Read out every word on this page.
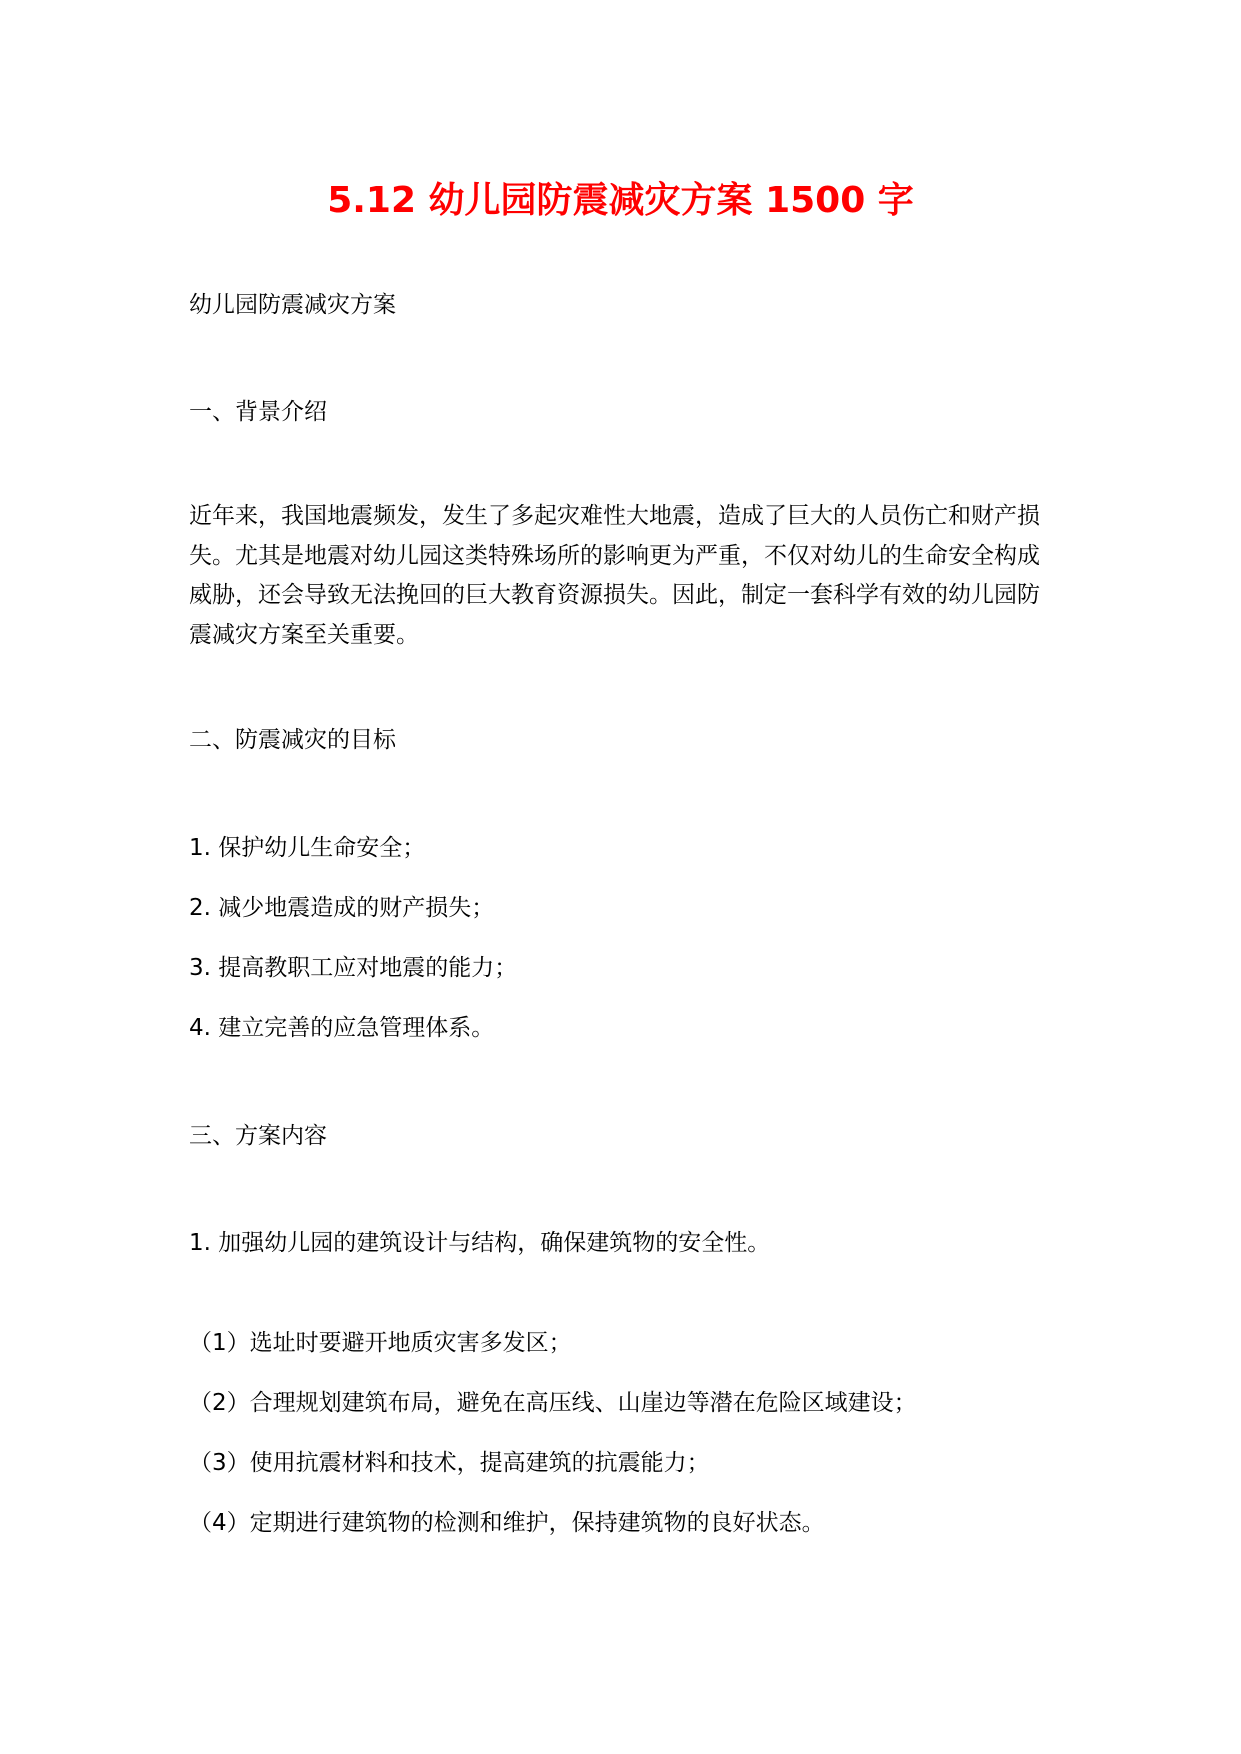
5.12 幼儿园防震减灾方案 1500 字

幼儿园防震减灾方案

一、背景介绍

近年来，我国地震频发，发生了多起灾难性大地震，造成了巨大的人员伤亡和财产损
失。尤其是地震对幼儿园这类特殊场所的影响更为严重，不仅对幼儿的生命安全构成
威胁，还会导致无法挽回的巨大教育资源损失。因此，制定一套科学有效的幼儿园防
震减灾方案至关重要。

二、防震减灾的目标

1. 保护幼儿生命安全；

2. 减少地震造成的财产损失；

3. 提高教职工应对地震的能力；

4. 建立完善的应急管理体系。

三、方案内容

1. 加强幼儿园的建筑设计与结构，确保建筑物的安全性。

（1）选址时要避开地质灾害多发区；

（2）合理规划建筑布局，避免在高压线、山崖边等潜在危险区域建设；

（3）使用抗震材料和技术，提高建筑的抗震能力；

（4）定期进行建筑物的检测和维护，保持建筑物的良好状态。
